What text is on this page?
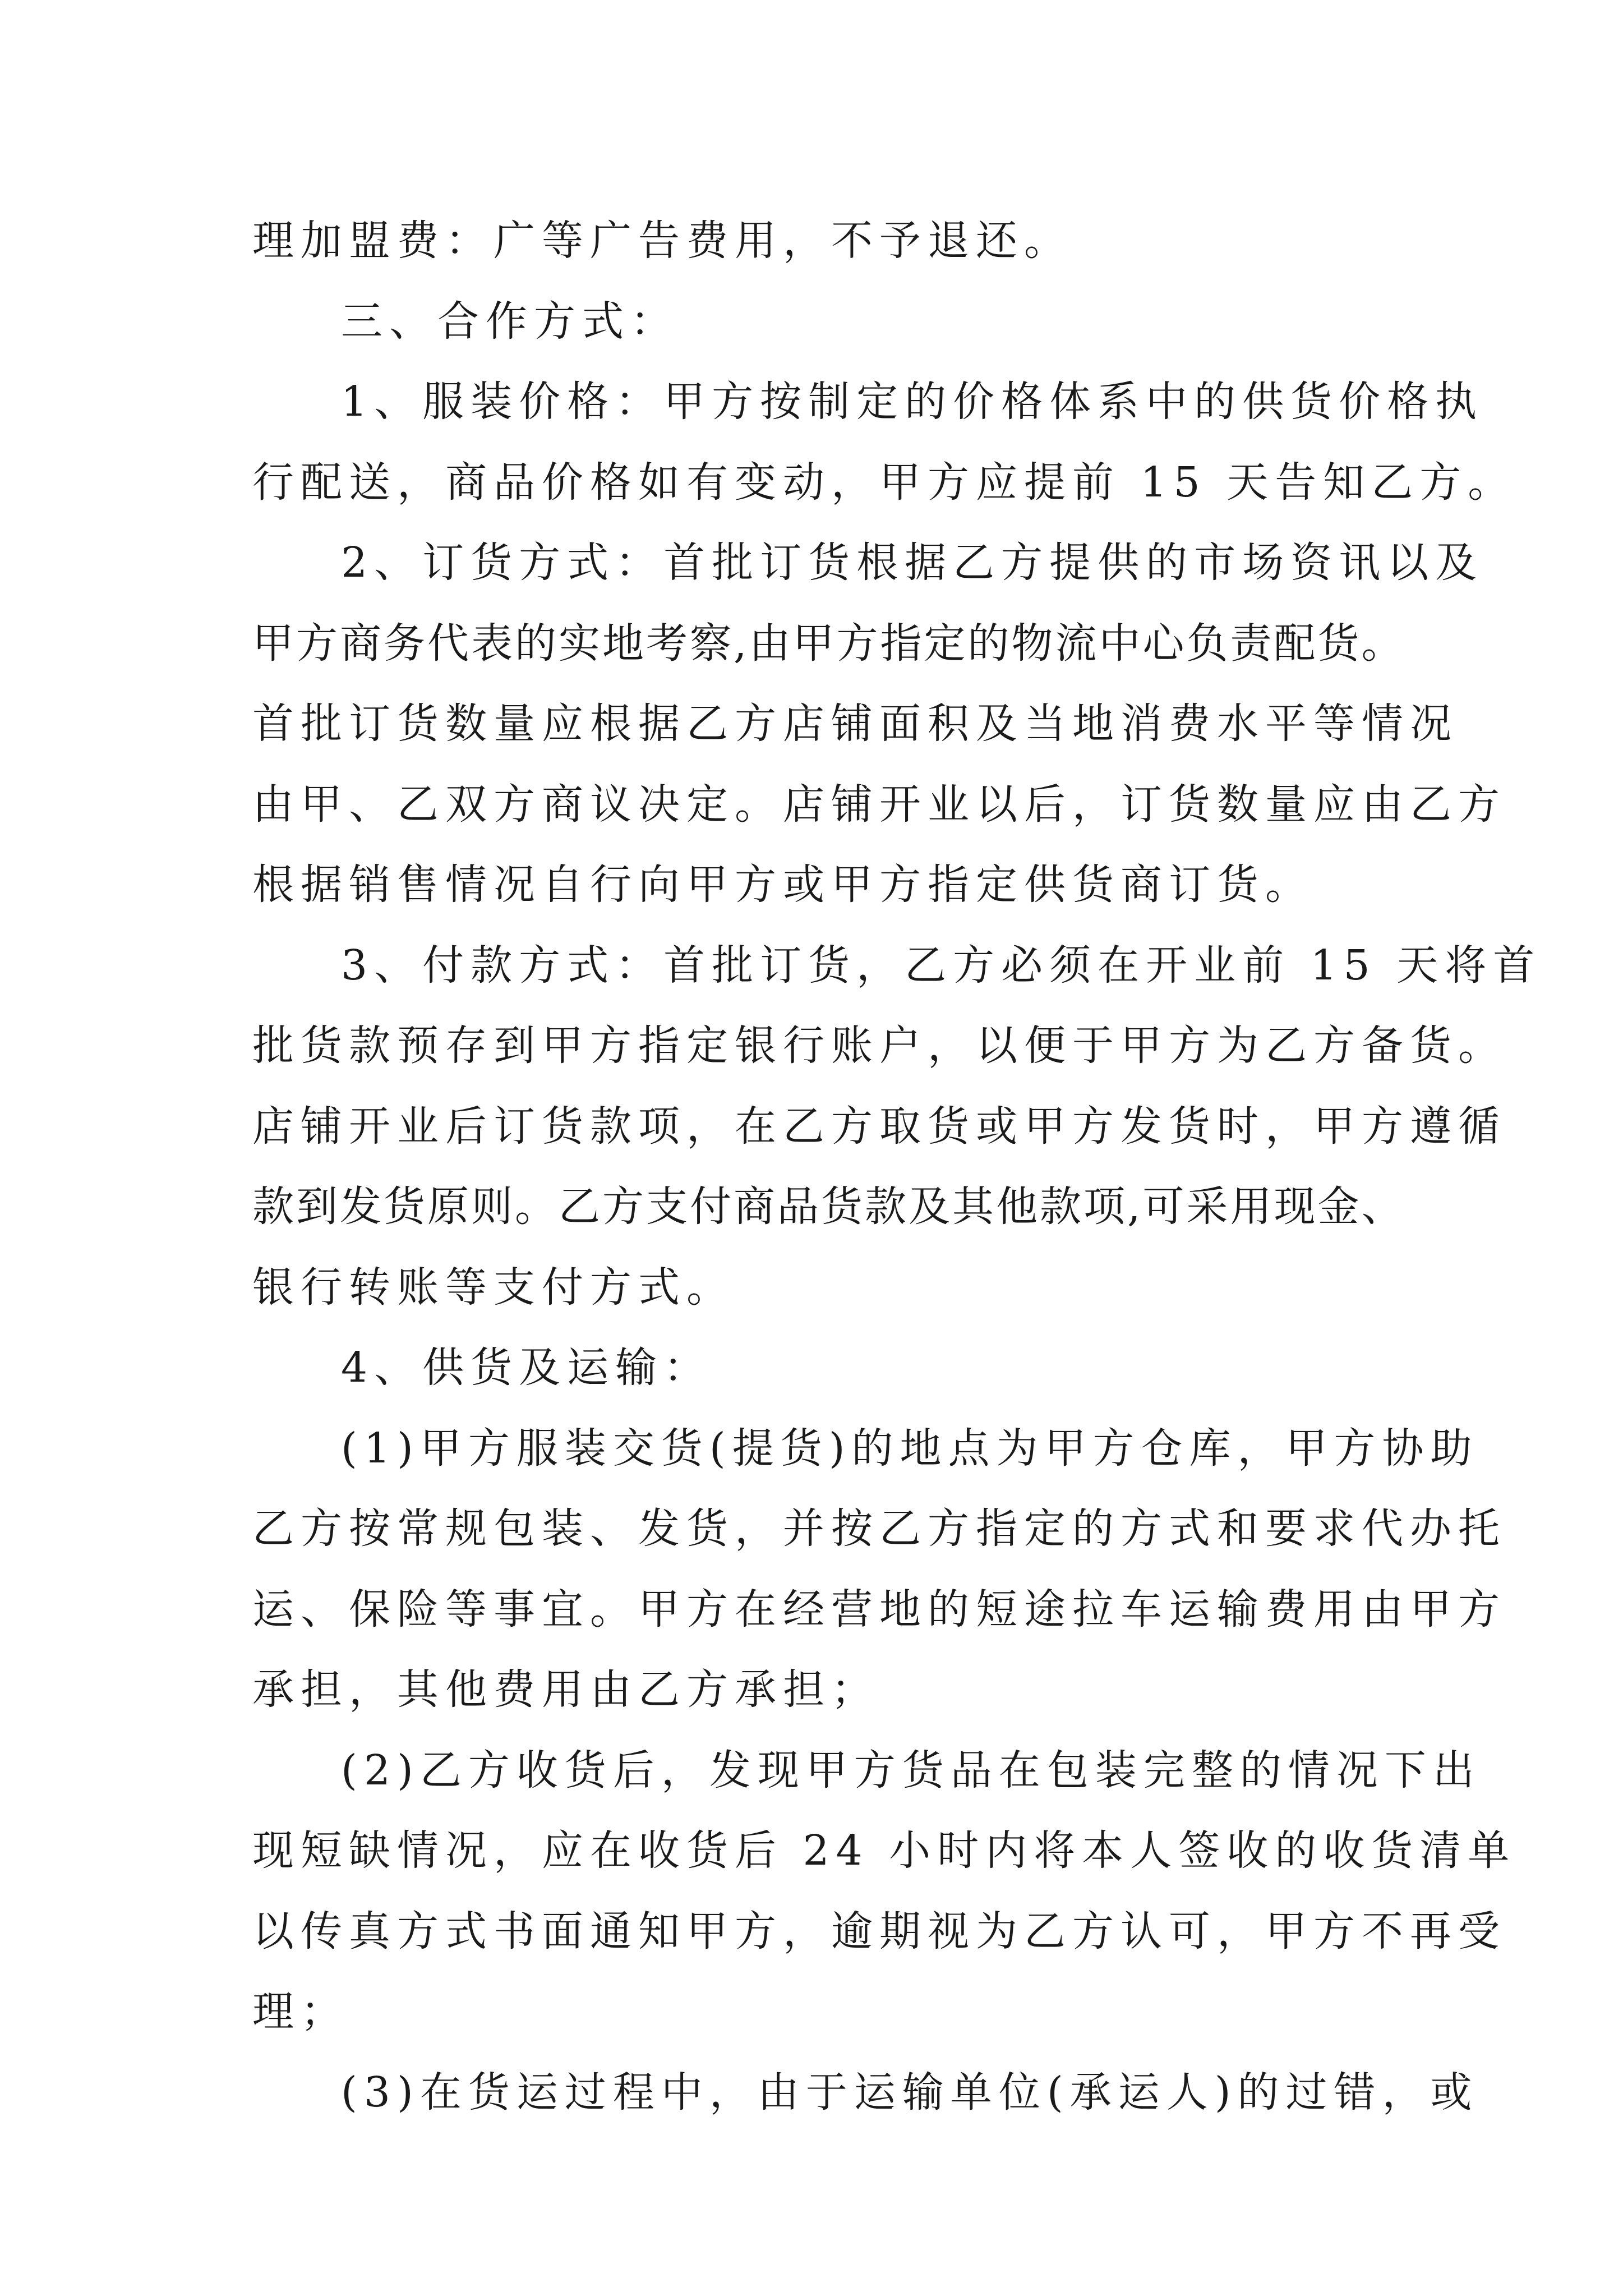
理加盟费：广等广告费用，不予退还。
三、合作方式：
1、服装价格：甲方按制定的价格体系中的供货价格执
行配送，商品价格如有变动，甲方应提前 15 天告知乙方。
2、订货方式：首批订货根据乙方提供的市场资讯以及
甲方商务代表的实地考察,由甲方指定的物流中心负责配货。
首批订货数量应根据乙方店铺面积及当地消费水平等情况
由甲、乙双方商议决定。店铺开业以后，订货数量应由乙方
根据销售情况自行向甲方或甲方指定供货商订货。
3、付款方式：首批订货，乙方必须在开业前 15 天将首
批货款预存到甲方指定银行账户，以便于甲方为乙方备货。
店铺开业后订货款项，在乙方取货或甲方发货时，甲方遵循
款到发货原则。乙方支付商品货款及其他款项,可采用现金、
银行转账等支付方式。
4、供货及运输：
(1)甲方服装交货(提货)的地点为甲方仓库，甲方协助
乙方按常规包装、发货，并按乙方指定的方式和要求代办托
运、保险等事宜。甲方在经营地的短途拉车运输费用由甲方
承担，其他费用由乙方承担；
(2)乙方收货后，发现甲方货品在包装完整的情况下出
现短缺情况，应在收货后 24 小时内将本人签收的收货清单
以传真方式书面通知甲方，逾期视为乙方认可，甲方不再受
理；
(3)在货运过程中，由于运输单位(承运人)的过错，或
